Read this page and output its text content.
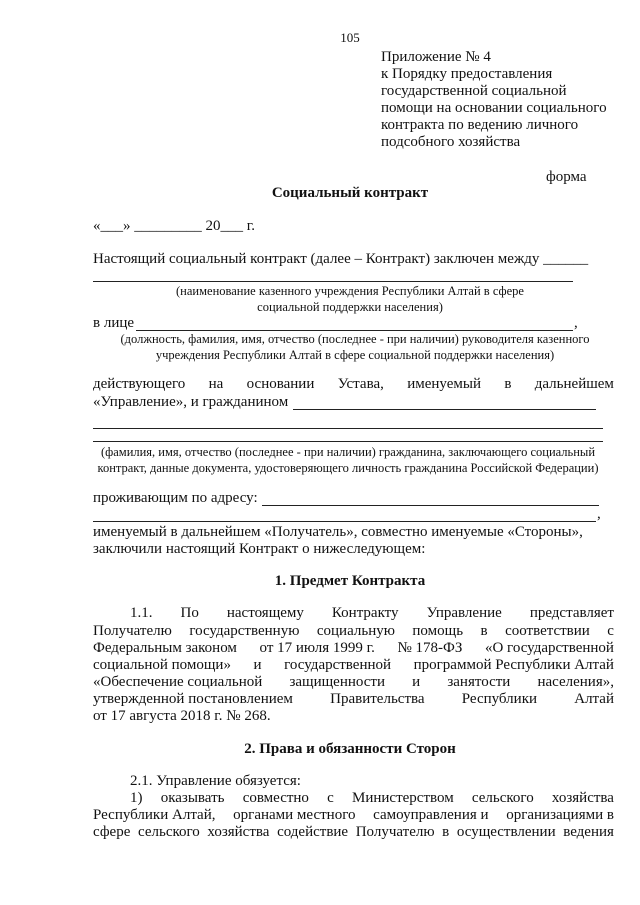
105
Приложение № 4
к Порядку предоставления
государственной социальной
помощи на основании социального
контракта по ведению личного
подсобного хозяйства
форма
Социальный контракт
«___» _________ 20___ г.
Настоящий социальный контракт (далее – Контракт) заключен между ______
(наименование казенного учреждения Республики Алтай в сфере социальной поддержки населения)
в лице	,
(должность, фамилия, имя, отчество (последнее - при наличии) руководителя казенного учреждения Республики Алтай в сфере социальной поддержки населения)
действующего на основании Устава, именуемый в дальнейшем
«Управление», и гражданином
(фамилия, имя, отчество (последнее - при наличии) гражданина, заключающего социальный контракт, данные документа, удостоверяющего личность гражданина Российской Федерации)
проживающим по адресу:
,
именуемый в дальнейшем «Получатель», совместно именуемые «Стороны»,
заключили настоящий Контракт о нижеследующем:
1. Предмет Контракта
1.1. По настоящему Контракту Управление представляет
Получателю государственную социальную помощь в соответствии с
Федеральным законом от 17 июля 1999 г. № 178-ФЗ «О государственной
социальной помощи» и государственной программой Республики Алтай
«Обеспечение социальной защищенности и занятости населения»,
утвержденной постановлением Правительства Республики Алтай
от 17 августа 2018 г. № 268.
2. Права и обязанности Сторон
2.1. Управление обязуется:
1) оказывать совместно с Министерством сельского хозяйства
Республики Алтай, органами местного самоуправления и организациями в
сфере сельского хозяйства содействие Получателю в осуществлении ведения
